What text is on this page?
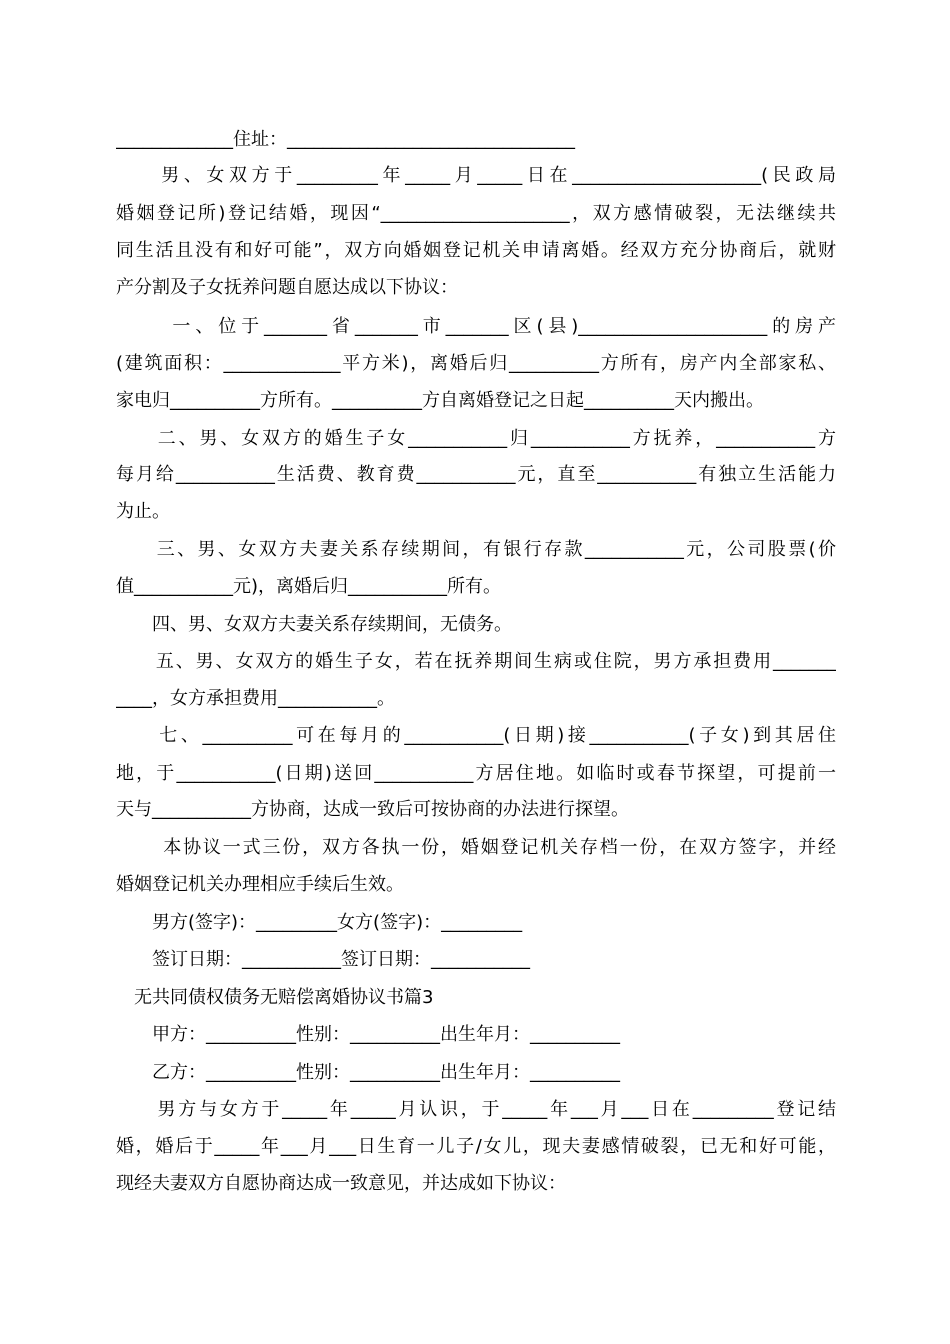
_____________住址：________________________________
　　男、女双方于_________年_____月_____日在_____________________(民政局
婚姻登记所)登记结婚，现因“_____________________，双方感情破裂，无法继续共
同生活且没有和好可能”，双方向婚姻登记机关申请离婚。经双方充分协商后，就财
产分割及子女抚养问题自愿达成以下协议：
　　 一、位于_______省_______市_______区(县)_____________________的房产
(建筑面积：_____________平方米)，离婚后归__________方所有，房产内全部家私、
家电归__________方所有。__________方自离婚登记之日起__________天内搬出。
　　二、男、女双方的婚生子女___________归___________方抚养，___________方
每月给___________生活费、教育费___________元，直至___________有独立生活能力
为止。
　　三、男、女双方夫妻关系存续期间，有银行存款___________元，公司股票(价
值___________元)，离婚后归___________所有。
　　四、男、女双方夫妻关系存续期间，无债务。
　　五、男、女双方的婚生子女，若在抚养期间生病或住院，男方承担费用_______
____，女方承担费用___________。
　　七、__________可在每月的___________(日期)接___________(子女)到其居住
地，于___________(日期)送回___________方居住地。如临时或春节探望，可提前一
天与___________方协商，达成一致后可按协商的办法进行探望。
　　 本协议一式三份，双方各执一份，婚姻登记机关存档一份，在双方签字，并经
婚姻登记机关办理相应手续后生效。
　　男方(签字)：_________女方(签字)：_________
　　签订日期：___________签订日期：___________
　无共同债权债务无赔偿离婚协议书篇3
　　甲方：__________性别：__________出生年月：__________
　　乙方：__________性别：__________出生年月：__________
　　男方与女方于_____年_____月认识，于_____年___月___日在_________登记结
婚，婚后于_____年___月___日生育一儿子/女儿，现夫妻感情破裂，已无和好可能，
现经夫妻双方自愿协商达成一致意见，并达成如下协议：
